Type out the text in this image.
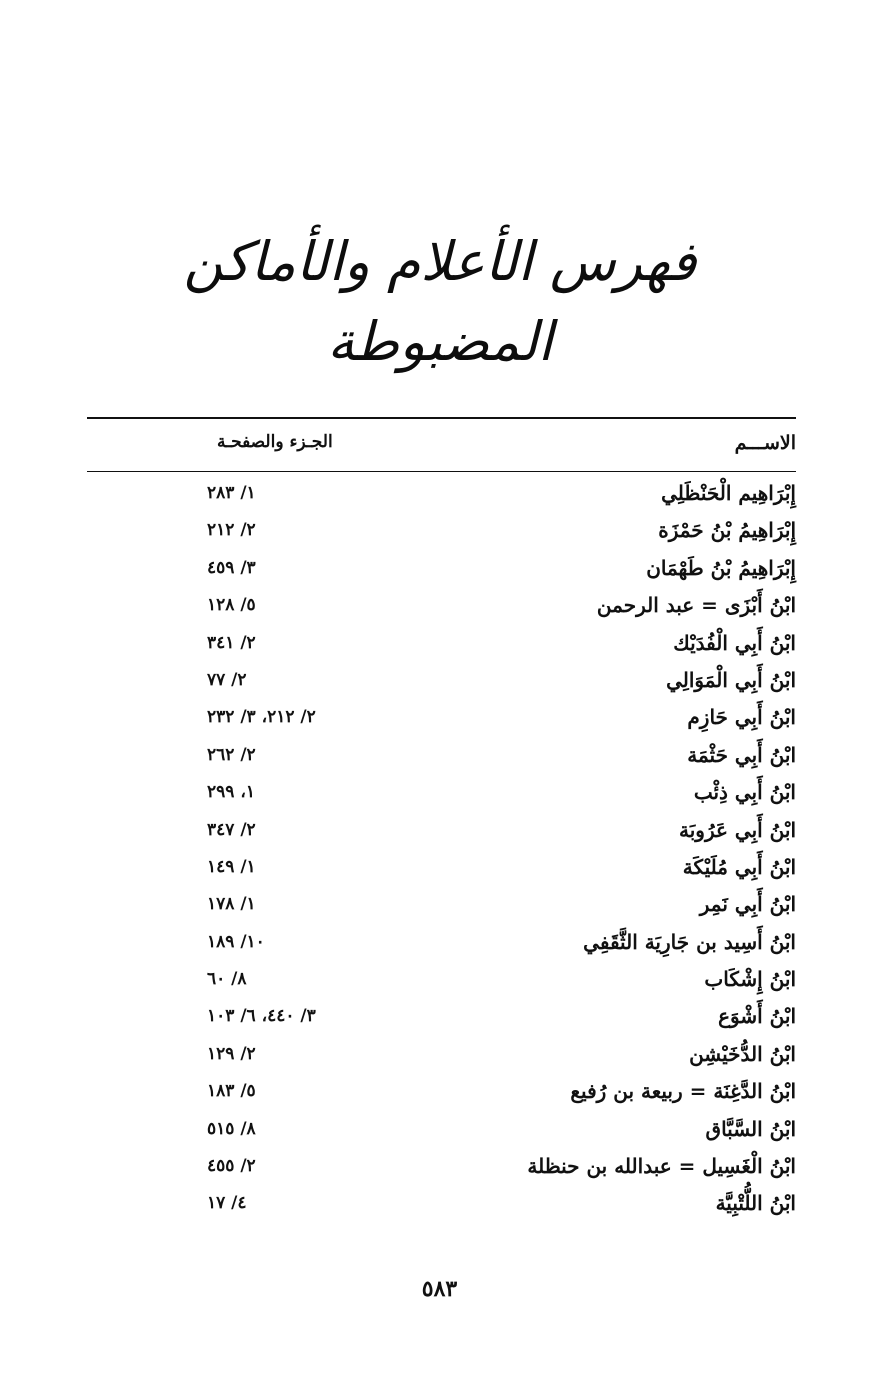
فهرس الأعلام والأماكن المضبوطة
الاســـم
الجـزء والصفحـة
إِبْرَاهِيم الْحَنْظَلِي
١/ ٢٨٣
إِبْرَاهِيمُ بْنُ حَمْزَة
٢/ ٢١٢
إِبْرَاهِيمُ بْنُ طَهْمَان
٣/ ٤٥٩
ابْنُ أَبْزَى = عبد الرحمن
٥/ ١٢٨
ابْنُ أَبِي الْفُدَيْك
٢/ ٣٤١
ابْنُ أَبِي الْمَوَالِي
٢/ ٧٧
ابْنُ أَبِي حَازِم
٢/ ٢١٢، ٣/ ٢٣٢
ابْنُ أَبِي حَثْمَة
٢/ ٢٦٢
ابْنُ أَبِي ذِئْب
١، ٢٩٩
ابْنُ أَبِي عَرُوبَة
٢/ ٣٤٧
ابْنُ أَبِي مُلَيْكَة
١/ ١٤٩
ابْنُ أَبِي نَمِر
١/ ١٧٨
ابْنُ أَسِيد بن جَارِيَة الثَّقَفِي
١٠/ ١٨٩
ابْنُ إِشْكَاب
٨/ ٦٠
ابْنُ أَشْوَع
٣/ ٤٤٠، ٦/ ١٠٣
ابْنُ الدُّخَيْشِن
٢/ ١٢٩
ابْنُ الدَّغِنَة = ربيعة بن رُفيع
٥/ ١٨٣
ابْنُ السَّبَّاق
٨/ ٥١٥
ابْنُ الْغَسِيل = عبدالله بن حنظلة
٢/ ٤٥٥
ابْنُ اللُّتْبِيَّة
٤/ ١٧
٥٨٣
